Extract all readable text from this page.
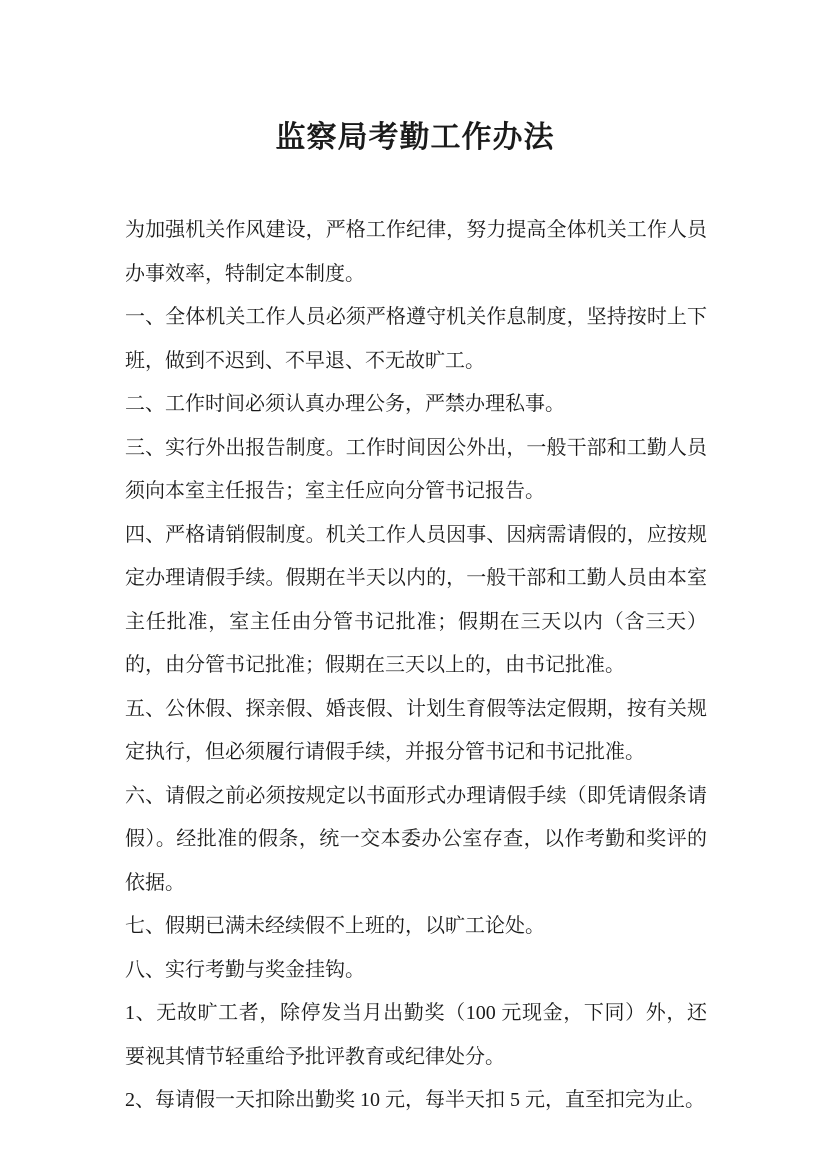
监察局考勤工作办法

为加强机关作风建设，严格工作纪律，努力提高全体机关工作人员办事效率，特制定本制度。

一、全体机关工作人员必须严格遵守机关作息制度，坚持按时上下班，做到不迟到、不早退、不无故旷工。

二、工作时间必须认真办理公务，严禁办理私事。

三、实行外出报告制度。工作时间因公外出，一般干部和工勤人员须向本室主任报告；室主任应向分管书记报告。

四、严格请销假制度。机关工作人员因事、因病需请假的，应按规定办理请假手续。假期在半天以内的，一般干部和工勤人员由本室主任批准，室主任由分管书记批准；假期在三天以内（含三天）的，由分管书记批准；假期在三天以上的，由书记批准。

五、公休假、探亲假、婚丧假、计划生育假等法定假期，按有关规定执行，但必须履行请假手续，并报分管书记和书记批准。

六、请假之前必须按规定以书面形式办理请假手续（即凭请假条请假）。经批准的假条，统一交本委办公室存查，以作考勤和奖评的依据。

七、假期已满未经续假不上班的，以旷工论处。

八、实行考勤与奖金挂钩。

1、无故旷工者，除停发当月出勤奖（100 元现金，下同）外，还要视其情节轻重给予批评教育或纪律处分。

2、每请假一天扣除出勤奖 10 元，每半天扣 5 元，直至扣完为止。
